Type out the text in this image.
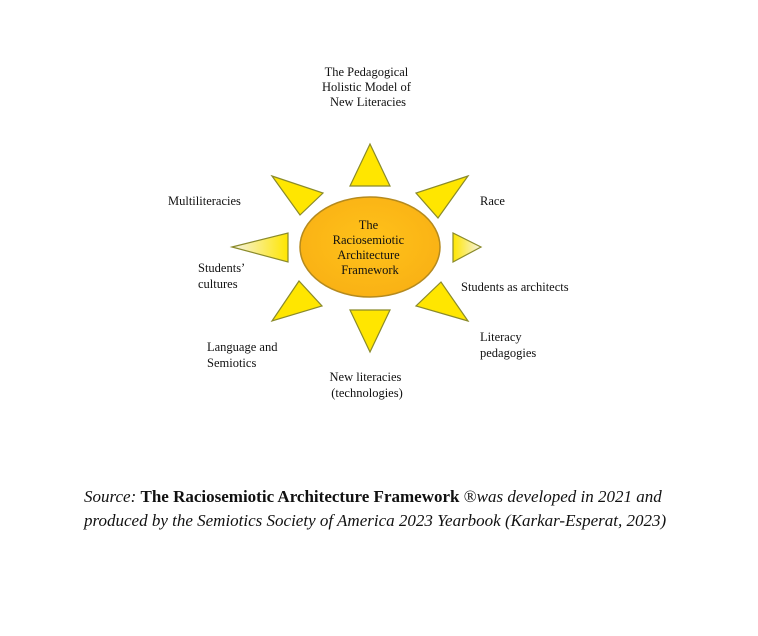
The Raciosemiotic Architecture Framework
The Pedagogical Holistic Model of New Literacies
Race
Students as architects
Literacy pedagogies
New literacies (technologies)
Language and Semiotics
Students’ cultures
Multiliteracies
Source: The Raciosemiotic Architecture Framework ®was developed in 2021 and produced by the Semiotics Society of America 2023 Yearbook (Karkar-Esperat, 2023)
